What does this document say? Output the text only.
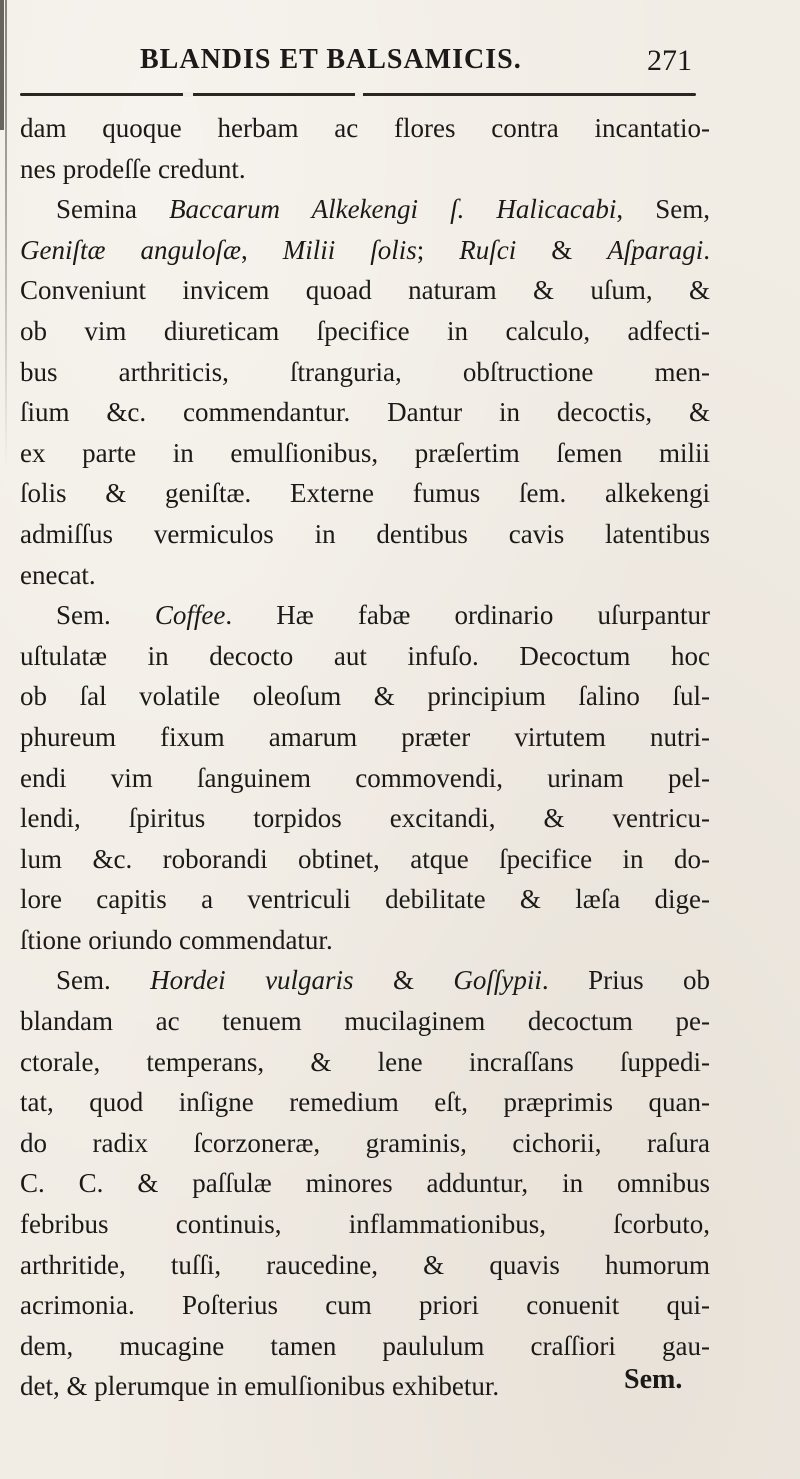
BLANDIS ET BALSAMICIS.	271
dam quoque herbam ac flores contra incantatio-
nes prodeſſe credunt.
Semina Baccarum Alkekengi ſ. Halicacabi, Sem,
Geniſtæ anguloſæ, Milii ſolis; Ruſci & Aſparagi.
Conveniunt invicem quoad naturam & uſum, &
ob vim diureticam ſpecifice in calculo, adfecti-
bus arthriticis, ſtranguria, obſtructione men-
ſium &c. commendantur. Dantur in decoctis, &
ex parte in emulſionibus, præſertim ſemen milii
ſolis & geniſtæ. Externe fumus ſem. alkekengi
admiſſus vermiculos in dentibus cavis latentibus
enecat.
Sem. Coffee. Hæ fabæ ordinario uſurpantur
uſtulatæ in decocto aut infuſo. Decoctum hoc
ob ſal volatile oleoſum & principium ſalino ſul-
phureum fixum amarum præter virtutem nutri-
endi vim ſanguinem commovendi, urinam pel-
lendi, ſpiritus torpidos excitandi, & ventricu-
lum &c. roborandi obtinet, atque ſpecifice in do-
lore capitis a ventriculi debilitate & læſa dige-
ſtione oriundo commendatur.
Sem. Hordei vulgaris & Goſſypii. Prius ob
blandam ac tenuem mucilaginem decoctum pe-
ctorale, temperans, & lene incraſſans ſuppedi-
tat, quod inſigne remedium eſt, præprimis quan-
do radix ſcorzoneræ, graminis, cichorii, raſura
C. C. & paſſulæ minores adduntur, in omnibus
febribus continuis, inflammationibus, ſcorbuto,
arthritide, tuſſi, raucedine, & quavis humorum
acrimonia. Poſterius cum priori conuenit qui-
dem, mucagine tamen paululum craſſiori gau-
det, & plerumque in emulſionibus exhibetur.	Sem.
